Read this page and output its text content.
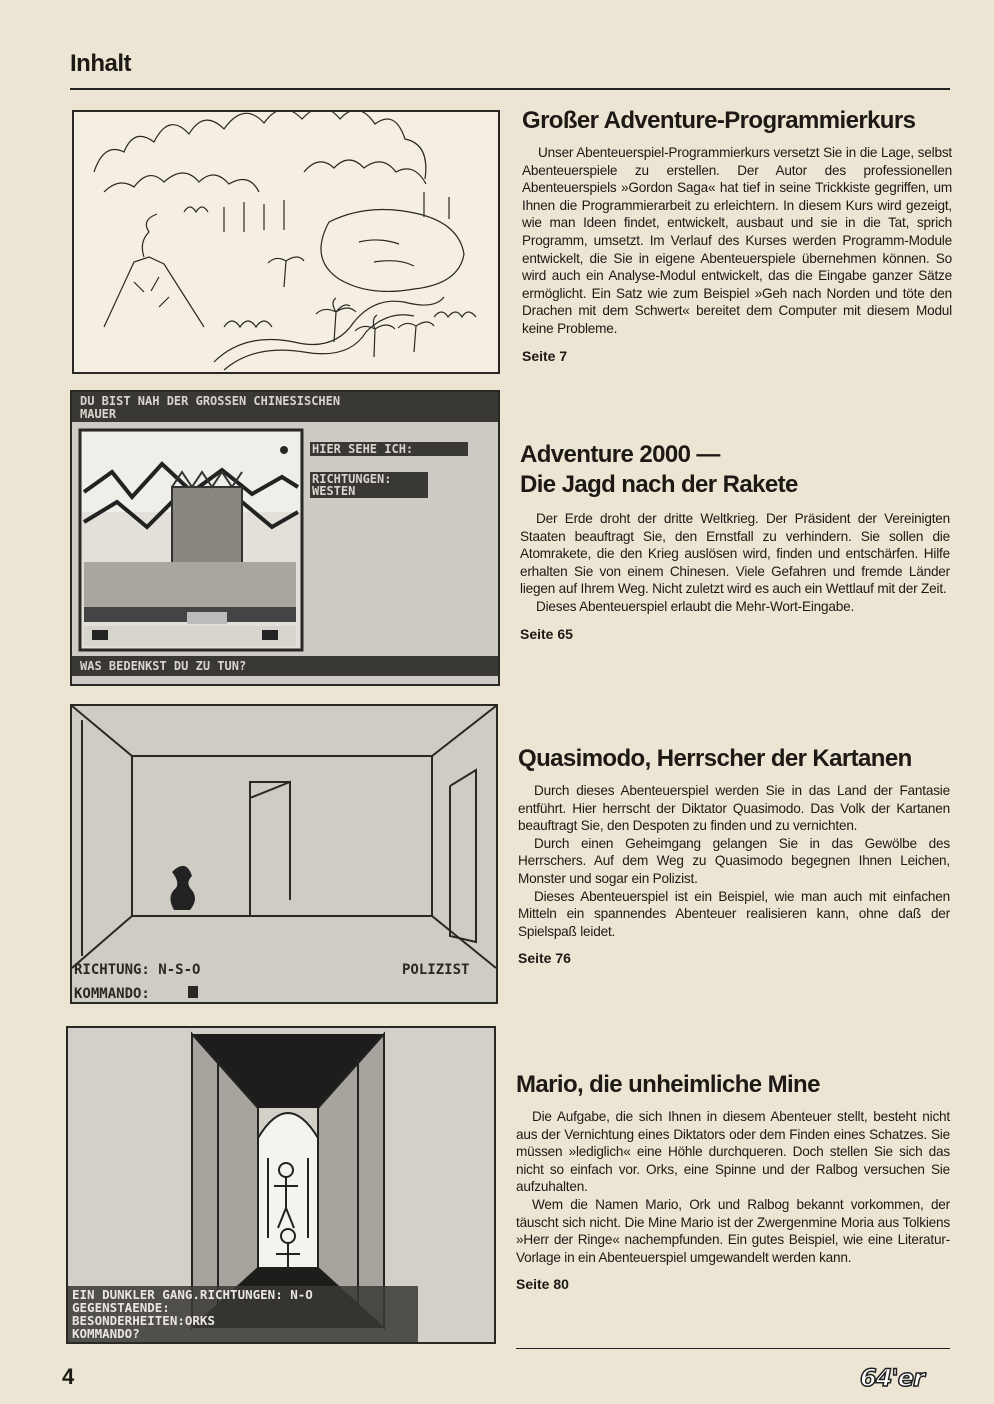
Inhalt
DU BIST NAH DER GROSSEN CHINESISCHEN
MAUER
HIER SEHE ICH:
RICHTUNGEN:
WESTEN
WAS BEDENKST DU ZU TUN?
RICHTUNG: N-S-O	POLIZIST
KOMMANDO:
EIN DUNKLER GANG.RICHTUNGEN: N-O
GEGENSTAENDE:
BESONDERHEITEN:ORKS
KOMMANDO?
Großer Adventure-Programmierkurs

Unser Abenteuerspiel-Programmierkurs versetzt Sie in die Lage, selbst Abenteuerspiele zu erstellen. Der Autor des professionellen Abenteuerspiels »Gordon Saga« hat tief in seine Trickkiste gegriffen, um Ihnen die Programmierarbeit zu erleichtern. In diesem Kurs wird gezeigt, wie man Ideen findet, entwickelt, ausbaut und sie in die Tat, sprich Programm, umsetzt. Im Verlauf des Kurses werden Programm-Module entwickelt, die Sie in eigene Abenteuerspiele übernehmen können. So wird auch ein Analyse-Modul entwickelt, das die Eingabe ganzer Sätze ermöglicht. Ein Satz wie zum Beispiel »Geh nach Norden und töte den Drachen mit dem Schwert« bereitet dem Computer mit diesem Modul keine Probleme.

Seite 7
Adventure 2000 —
Die Jagd nach der Rakete

Der Erde droht der dritte Weltkrieg. Der Präsident der Vereinigten Staaten beauftragt Sie, den Ernstfall zu verhindern. Sie sollen die Atomrakete, die den Krieg auslösen wird, finden und entschärfen. Hilfe erhalten Sie von einem Chinesen. Viele Gefahren und fremde Länder liegen auf Ihrem Weg. Nicht zuletzt wird es auch ein Wettlauf mit der Zeit.

Dieses Abenteuerspiel erlaubt die Mehr-Wort-Eingabe.

Seite 65
Quasimodo, Herrscher der Kartanen

Durch dieses Abenteuerspiel werden Sie in das Land der Fantasie entführt. Hier herrscht der Diktator Quasimodo. Das Volk der Kartanen beauftragt Sie, den Despoten zu finden und zu vernichten.

Durch einen Geheimgang gelangen Sie in das Gewölbe des Herrschers. Auf dem Weg zu Quasimodo begegnen Ihnen Leichen, Monster und sogar ein Polizist.

Dieses Abenteuerspiel ist ein Beispiel, wie man auch mit einfachen Mitteln ein spannendes Abenteuer realisieren kann, ohne daß der Spielspaß leidet.

Seite 76
Mario, die unheimliche Mine

Die Aufgabe, die sich Ihnen in diesem Abenteuer stellt, besteht nicht aus der Vernichtung eines Diktators oder dem Finden eines Schatzes. Sie müssen »lediglich« eine Höhle durchqueren. Doch stellen Sie sich das nicht so einfach vor. Orks, eine Spinne und der Ralbog versuchen Sie aufzuhalten.

Wem die Namen Mario, Ork und Ralbog bekannt vorkommen, der täuscht sich nicht. Die Mine Mario ist der Zwergenmine Moria aus Tolkiens »Herr der Ringe« nachempfunden. Ein gutes Beispiel, wie eine Literatur-Vorlage in ein Abenteuerspiel umgewandelt werden kann.

Seite 80
4	64'er
